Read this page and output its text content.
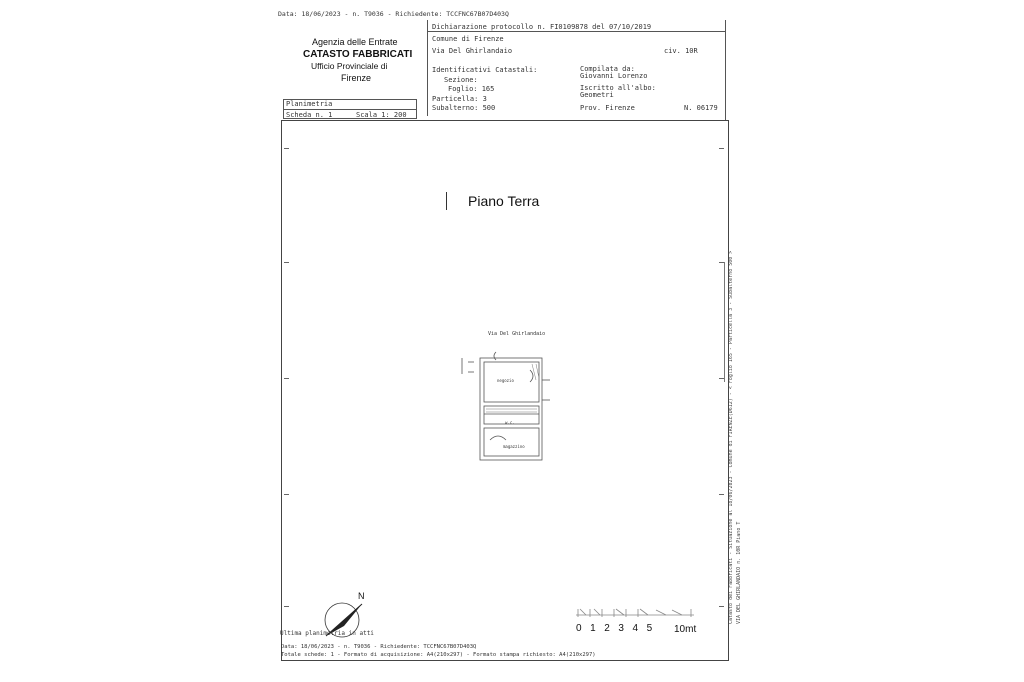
Data: 18/06/2023 - n. T9036 - Richiedente: TCCFNC67B07D403Q
Agenzia delle Entrate
CATASTO FABBRICATI
Ufficio Provinciale di
Firenze
Dichiarazione protocollo n. FI0109878 del 07/10/2019
Comune di Firenze
Via Del Ghirlandaio	civ. 10R
Identificativi Catastali:
Sezione:
Foglio: 165
Particella: 3
Subalterno: 500
Compilata da:
Giovanni Lorenzo
Iscritto all'albo:
Geometri
Prov. Firenze	N. 06179
Planimetria
Scheda n. 1	Scala 1: 200
Piano Terra
Via Del Ghirlandaio
negozio
w.c.
magazzino
N
0  1  2  3  4  5 10mt
Ultima planimetria in atti
Data: 18/06/2023 - n. T9036 - Richiedente: TCCFNC67B07D403Q
Totale schede: 1 - Formato di acquisizione: A4(210x297) - Formato stampa richiesto: A4(210x297)
Catasto dei Fabbricati - Situazione al 18/06/2023 - Comune di FIRENZE(D612) - < Foglio 165 - Particella 3 - Subalterno 500 > VIA DEL GHIRLANDAIO n. 10R Piano T
